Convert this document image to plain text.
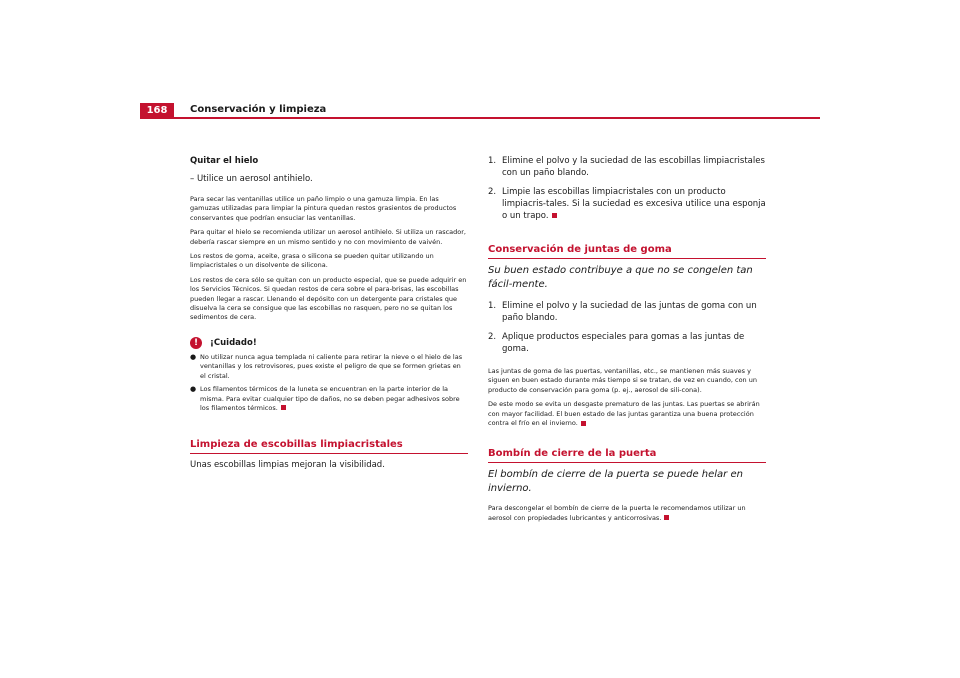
168	Conservación y limpieza
Quitar el hielo
– Utilice un aerosol antihielo.

Para secar las ventanillas utilice un paño limpio o una gamuza limpia. En las gamuzas utilizadas para limpiar la pintura quedan restos grasientos de productos conservantes que podrían ensuciar las ventanillas.

Para quitar el hielo se recomienda utilizar un aerosol antihielo. Si utiliza un rascador, debería rascar siempre en un mismo sentido y no con movimiento de vaivén.

Los restos de goma, aceite, grasa o silicona se pueden quitar utilizando un limpiacristales o un disolvente de silicona.

Los restos de cera sólo se quitan con un producto especial, que se puede adquirir en los Servicios Técnicos. Si quedan restos de cera sobre el para-brisas, las escobillas pueden llegar a rascar. Llenando el depósito con un detergente para cristales que disuelva la cera se consigue que las escobillas no rasquen, pero no se quitan los sedimentos de cera.

!	¡Cuidado!
● No utilizar nunca agua templada ni caliente para retirar la nieve o el hielo de las ventanillas y los retrovisores, pues existe el peligro de que se formen grietas en el cristal.
● Los filamentos térmicos de la luneta se encuentran en la parte interior de la misma. Para evitar cualquier tipo de daños, no se deben pegar adhesivos sobre los filamentos térmicos.
Limpieza de escobillas limpiacristales
Unas escobillas limpias mejoran la visibilidad.
1. Elimine el polvo y la suciedad de las escobillas limpiacristales con un paño blando.
2. Limpie las escobillas limpiacristales con un producto limpiacris-tales. Si la suciedad es excesiva utilice una esponja o un trapo.
Conservación de juntas de goma
Su buen estado contribuye a que no se congelen tan fácil-mente.
1. Elimine el polvo y la suciedad de las juntas de goma con un paño blando.
2. Aplique productos especiales para gomas a las juntas de goma.

Las juntas de goma de las puertas, ventanillas, etc., se mantienen más suaves y siguen en buen estado durante más tiempo si se tratan, de vez en cuando, con un producto de conservación para goma (p. ej., aerosol de sili-cona).

De este modo se evita un desgaste prematuro de las juntas. Las puertas se abrirán con mayor facilidad. El buen estado de las juntas garantiza una buena protección contra el frío en el invierno.

Bombín de cierre de la puerta
El bombín de cierre de la puerta se puede helar en invierno.

Para descongelar el bombín de cierre de la puerta le recomendamos utilizar un aerosol con propiedades lubricantes y anticorrosivas.
